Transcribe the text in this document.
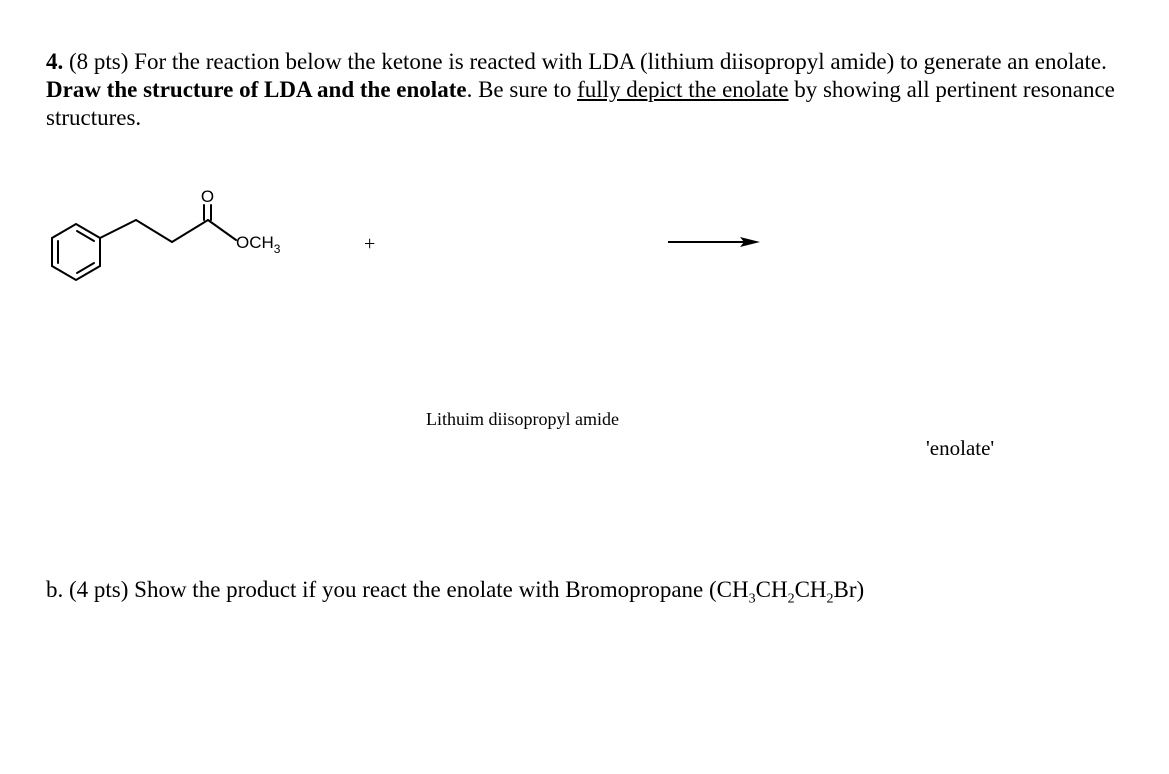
4. (8 pts) For the reaction below the ketone is reacted with LDA (lithium diisopropyl amide) to generate an enolate. Draw the structure of LDA and the enolate. Be sure to fully depict the enolate by showing all pertinent resonance structures.
O
$OCH_3$	+
Lithuim diisopropyl amide
'enolate'
b. (4 pts) Show the product if you react the enolate with Bromopropane $(CH_3CH_2CH_2Br)$
